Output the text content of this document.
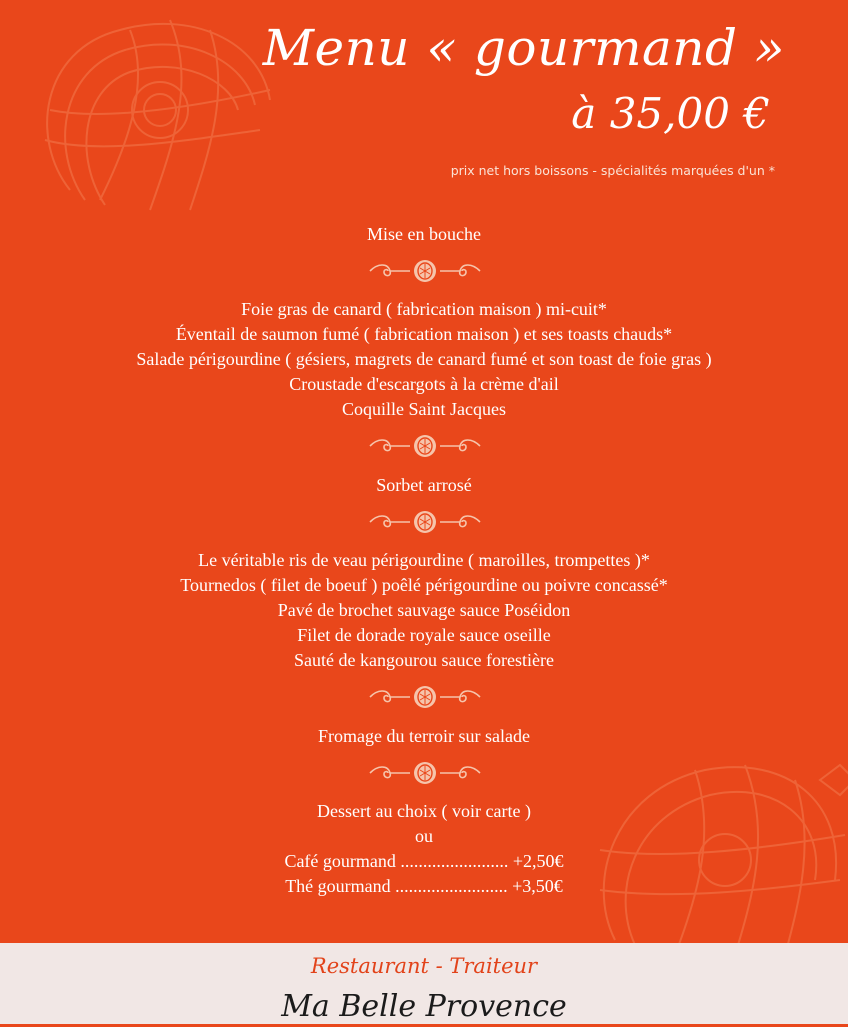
Menu « gourmand »
à 35,00 €
prix net hors boissons - spécialités marquées d'un *
Mise en bouche
Foie gras de canard ( fabrication maison ) mi-cuit*
Éventail de saumon fumé ( fabrication maison ) et ses toasts chauds*
Salade périgourdine ( gésiers, magrets de canard fumé et son toast de foie gras )
Croustade d'escargots à la crème d'ail
Coquille Saint Jacques
Sorbet arrosé
Le véritable ris de veau périgourdine ( maroilles, trompettes )*
Tournedos ( filet de boeuf ) poêlé périgourdine ou poivre concassé*
Pavé de brochet sauvage sauce Poséidon
Filet de dorade royale sauce oseille
Sauté de kangourou sauce forestière
Fromage du terroir sur salade
Dessert au choix ( voir carte )
ou
Café gourmand ........................ +2,50€
Thé gourmand ......................... +3,50€
Restaurant - Traiteur
Ma Belle Provence
